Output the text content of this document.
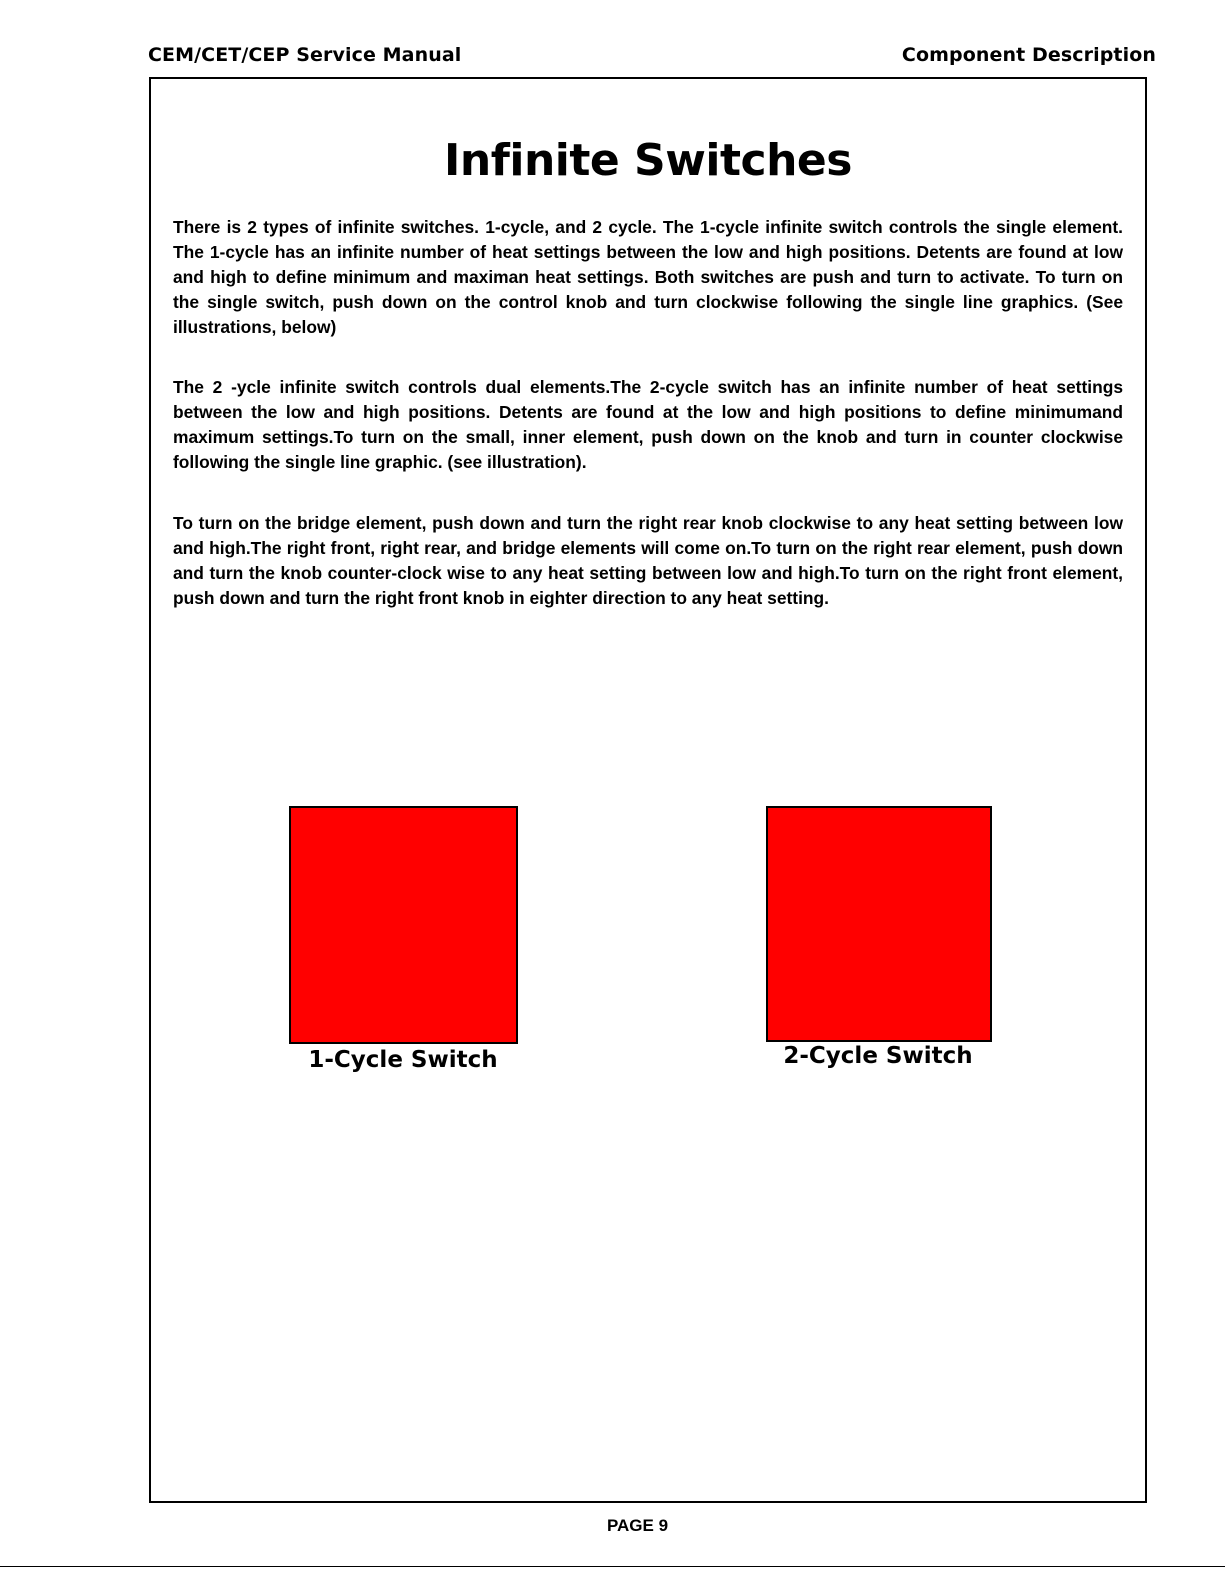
CEM/CET/CEP Service Manual	Component Description
Infinite Switches

There is 2 types of infinite switches. 1-cycle, and 2 cycle. The 1-cycle infinite switch controls the single element. The 1-cycle has an infinite number of heat settings between the low and high positions. Detents are found at low and high to define minimum and maximan heat settings. Both switches are push and turn to activate. To turn on the single switch, push down on the control knob and turn clockwise following the single line graphics. (See illustrations, below)

The 2 -ycle infinite switch controls dual elements.The 2-cycle switch has an infinite number of heat settings between the low and high positions. Detents are found at the low and high positions to define minimumand maximum settings.To turn on the small, inner element, push down on the knob and turn in counter clockwise following the single line graphic. (see illustration).

To turn on the bridge element, push down and turn the right rear knob clockwise to any heat setting between low and high.The right front, right rear, and bridge elements will come on.To turn on the right rear element, push down and turn the knob counter-clock wise to any heat setting between low and high.To turn on the right front element, push down and turn the right front knob in eighter direction to any heat setting.

1-Cycle Switch	2-Cycle Switch
PAGE 9
